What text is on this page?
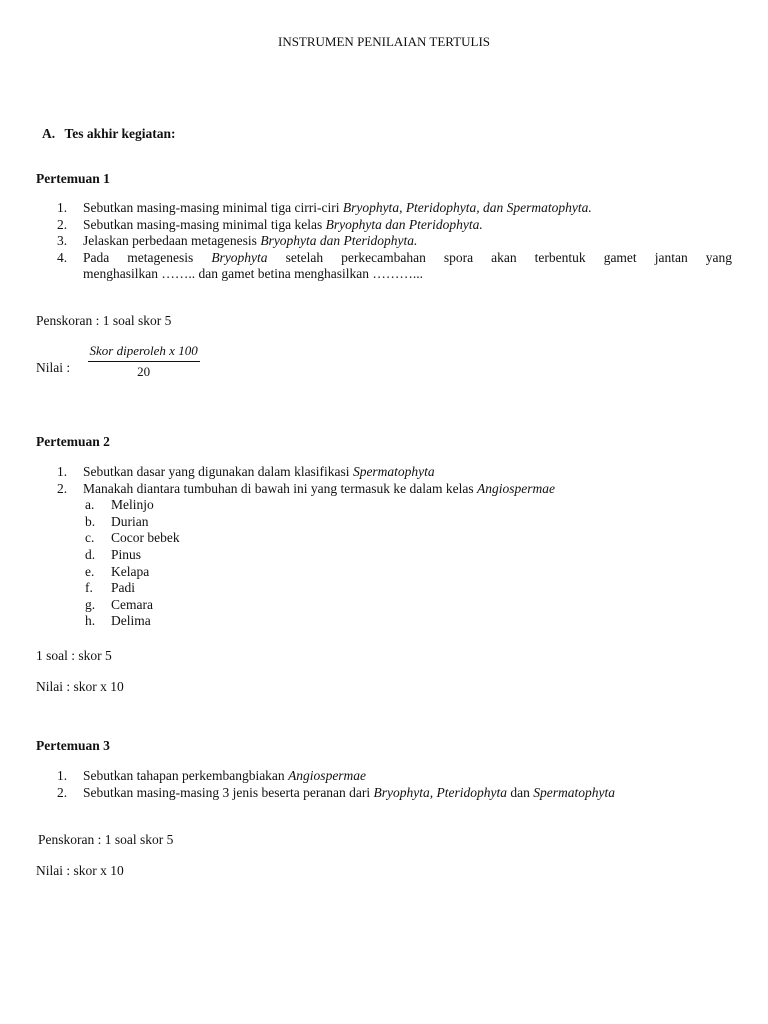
INSTRUMEN PENILAIAN TERTULIS
A. Tes akhir kegiatan:
Pertemuan 1
1.	Sebutkan masing-masing minimal tiga cirri-ciri Bryophyta, Pteridophyta, dan Spermatophyta.
2.	Sebutkan masing-masing minimal tiga kelas Bryophyta dan Pteridophyta.
3.	Jelaskan perbedaan metagenesis Bryophyta dan Pteridophyta.
4.	Pada metagenesis Bryophyta setelah perkecambahan spora akan terbentuk gamet jantan yang
menghasilkan …….. dan gamet betina menghasilkan ………...
Penskoran : 1 soal skor 5
Nilai : $\frac{\text{Skor diperoleh x 100}}{20}$
Pertemuan 2
1.	Sebutkan dasar yang digunakan dalam klasifikasi Spermatophyta
2.	Manakah diantara tumbuhan di bawah ini yang termasuk ke dalam kelas Angiospermae
a.	Melinjo
b.	Durian
c.	Cocor bebek
d.	Pinus
e.	Kelapa
f.	Padi
g.	Cemara
h.	Delima
1 soal : skor 5
Nilai : skor x 10
Pertemuan 3
1.	Sebutkan tahapan perkembangbiakan Angiospermae
2.	Sebutkan masing-masing 3 jenis beserta peranan dari Bryophyta, Pteridophyta dan Spermatophyta
Penskoran : 1 soal skor 5
Nilai : skor x 10
